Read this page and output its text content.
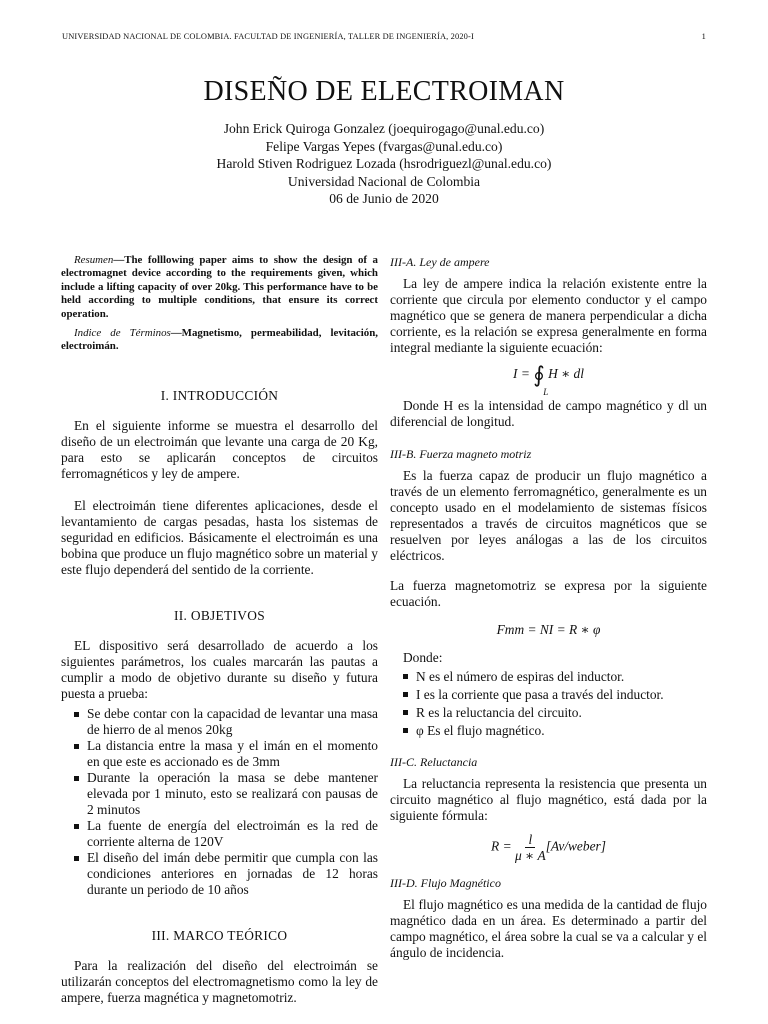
UNIVERSIDAD NACIONAL DE COLOMBIA. FACULTAD DE INGENIERÍA, TALLER DE INGENIERÍA, 2020-I	1
DISEÑO DE ELECTROIMAN
John Erick Quiroga Gonzalez (joequirogago@unal.edu.co)
Felipe Vargas Yepes (fvargas@unal.edu.co)
Harold Stiven Rodriguez Lozada (hsrodriguezl@unal.edu.co)
Universidad Nacional de Colombia
06 de Junio de 2020

Resumen—The folllowing paper aims to show the design of a electromagnet device according to the requirements given, which include a lifting capacity of over 20kg. This performance have to be held according to multiple conditions, that ensure its correct operation.

Indice de Términos—Magnetismo, permeabilidad, levitación, electroimán.

I. INTRODUCCIÓN

En el siguiente informe se muestra el desarrollo del diseño de un electroimán que levante una carga de 20 Kg, para esto se aplicarán conceptos de circuitos ferromagnéticos y ley de ampere.

El electroimán tiene diferentes aplicaciones, desde el levantamiento de cargas pesadas, hasta los sistemas de seguridad en edificios. Básicamente el electroimán es una bobina que produce un flujo magnético sobre un material y este flujo dependerá del sentido de la corriente.

II. OBJETIVOS

EL dispositivo será desarrollado de acuerdo a los siguientes parámetros, los cuales marcarán las pautas a cumplir a modo de objetivo durante su diseño y futura puesta a prueba:

Se debe contar con la capacidad de levantar una masa de hierro de al menos 20kg
La distancia entre la masa y el imán en el momento en que este es accionado es de 3mm
Durante la operación la masa se debe mantener elevada por 1 minuto, esto se realizará con pausas de 2 minutos
La fuente de energía del electroimán es la red de corriente alterna de 120V
El diseño del imán debe permitir que cumpla con las condiciones anteriores en jornadas de 12 horas durante un periodo de 10 años
III. MARCO TEÓRICO

Para la realización del diseño del electroimán se utilizarán conceptos del electromagnetismo como la ley de ampere, fuerza magnética y magnetomotriz.

III-A. Ley de ampere

La ley de ampere indica la relación existente entre la corriente que circula por elemento conductor y el campo magnético que se genera de manera perpendicular a dicha corriente, es la relación se expresa generalmente en forma integral mediante la siguiente ecuación:

I = ∮
L
H ∗ dl

Donde H es la intensidad de campo magnético y dl un diferencial de longitud.

III-B. Fuerza magneto motriz

Es la fuerza capaz de producir un flujo magnético a través de un elemento ferromagnético, generalmente es un concepto usado en el modelamiento de sistemas físicos representados a través de circuitos magnéticos que se resuelven por leyes análogas a las de los circuitos eléctricos.

La fuerza magnetomotriz se expresa por la siguiente ecuación.

Fmm = NI = R ∗ φ

Donde:

N es el número de espiras del inductor.
I es la corriente que pasa a través del inductor.
R es la reluctancia del circuito.
φ Es el flujo magnético.
III-C. Reluctancia

La reluctancia representa la resistencia que presenta un circuito magnético al flujo magnético, está dada por la siguiente fórmula:

$R = \frac{l}{\mu ∗ A}$ [Av/weber]
III-D. Flujo Magnético

El flujo magnético es una medida de la cantidad de flujo magnético dada en un área. Es determinado a partir del campo magnético, el área sobre la cual se va a calcular y el ángulo de incidencia.
